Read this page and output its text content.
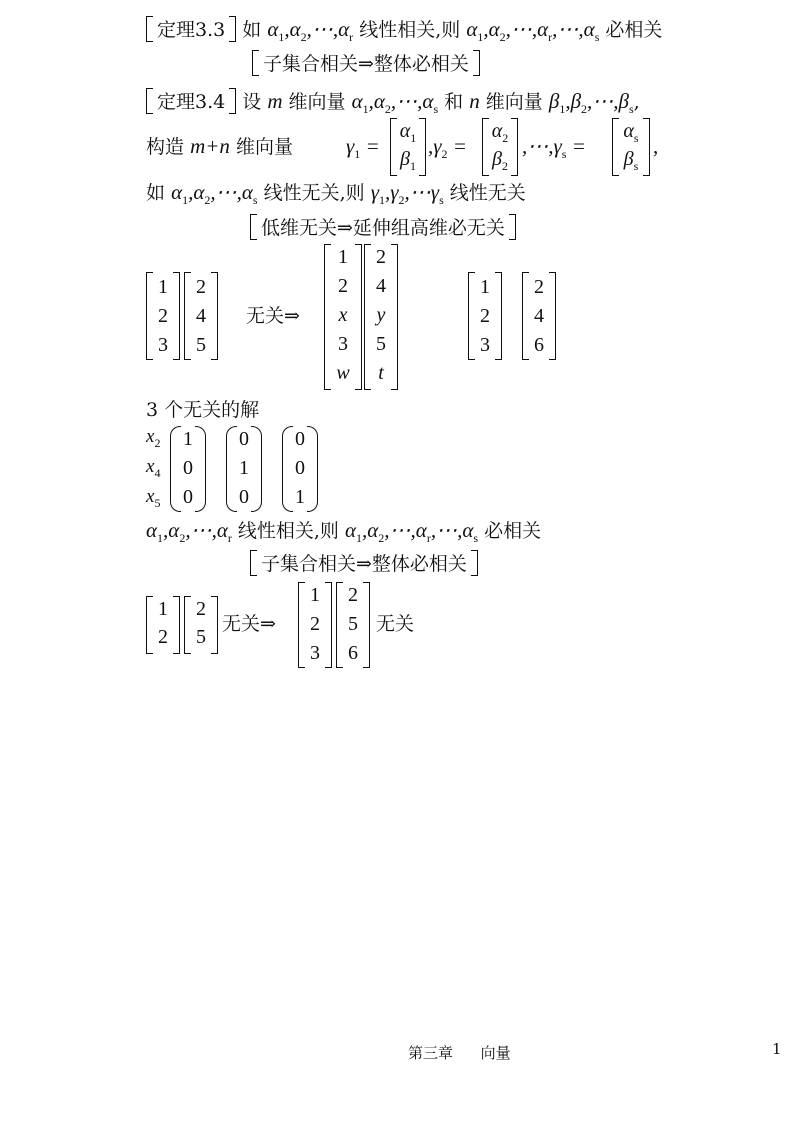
定理3.3 如 $\alpha_1,\alpha_2,\cdots,\alpha_r$ 线性相关,则 $\alpha_1,\alpha_2,\cdots,\alpha_r,\cdots,\alpha_s$ 必相关
子集合相关⇒整体必相关
定理3.4 设 m 维向量 $\alpha_1,\alpha_2,\cdots,\alpha_s$ 和 n 维向量 $\beta_1,\beta_2,\cdots,\beta_s$,
构造 m+n 维向量	$\gamma_1$ =
$\alpha_1$
$\beta_1$
$,\gamma_2$ =
$\alpha_2$
$\beta_2$
$,\cdots,\gamma_s$ =
$\alpha_s$
$\beta_s$
,
如 $\alpha_1,\alpha_2,\cdots,\alpha_s$ 线性无关,则 $\gamma_1,\gamma_2,\cdots\gamma_s$ 线性无关
低维无关⇒延伸组高维必无关
1
2
3
2
4
5
无关⇒
1
2
x
3
w
2
4
y
5
t
1
2
3
2
4
6
3 个无关的解
$x_2$
$x_4$
$x_5$
1
0
0
0
1
0
0
0
1
$\alpha_1,\alpha_2,\cdots,\alpha_r$ 线性相关,则 $\alpha_1,\alpha_2,\cdots,\alpha_r,\cdots,\alpha_s$ 必相关
子集合相关⇒整体必相关
1
2
2
5
无关⇒
1
2
3
2
5
6
无关
第三章 向量	1
